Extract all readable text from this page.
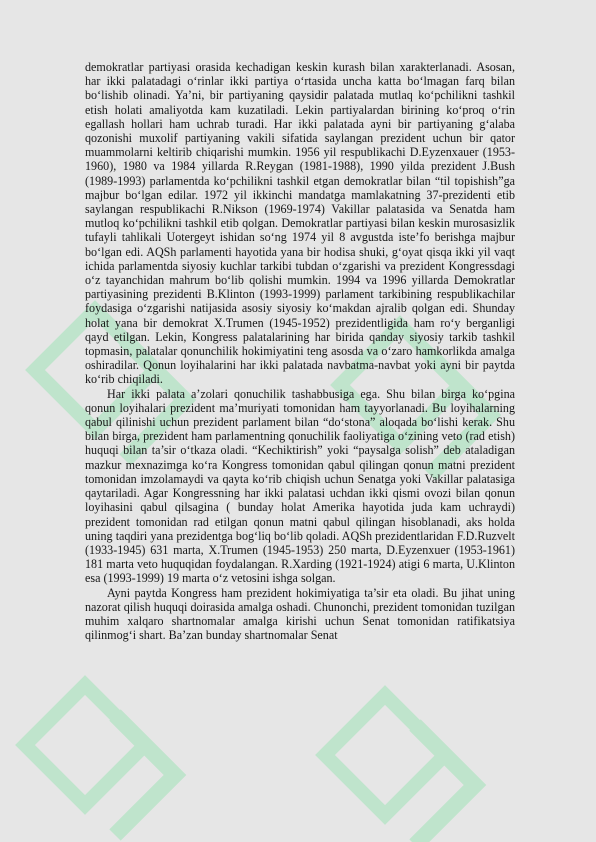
demokratlar partiyasi orasida kechadigan keskin kurash bilan xarakterlanadi. Asosan, har ikki palatadagi o‘rinlar ikki partiya o‘rtasida uncha katta bo‘lmagan farq bilan bo‘lishib olinadi. Ya’ni, bir partiyaning qaysidir palatada mutlaq ko‘pchilikni tashkil etish holati amaliyotda kam kuzatiladi. Lekin partiyalardan birining ko‘proq o‘rin egallash hollari ham uchrab turadi. Har ikki palatada ayni bir partiyaning g‘alaba qozonishi muxolif partiyaning vakili sifatida saylangan prezident uchun bir qator muammolarni keltirib chiqarishi mumkin. 1956 yil respublikachi D.Eyzenxauer (1953-1960), 1980 va 1984 yillarda R.Reygan (1981-1988), 1990 yilda prezident J.Bush (1989-1993) parlamentda ko‘pchilikni tashkil etgan demokratlar bilan “til topishish”ga majbur bo‘lgan edilar. 1972 yil ikkinchi mandatga mamlakatning 37-prezidenti etib saylangan respublikachi R.Nikson (1969-1974) Vakillar palatasida va Senatda ham mutloq ko‘pchilikni tashkil etib qolgan. Demokratlar partiyasi bilan keskin murosasizlik tufayli tahlikali Uotergeyt ishidan so‘ng 1974 yil 8 avgustda iste’fo berishga majbur bo‘lgan edi. AQSh parlamenti hayotida yana bir hodisa shuki, g‘oyat qisqa ikki yil vaqt ichida parlamentda siyosiy kuchlar tarkibi tubdan o‘zgarishi va prezident Kongressdagi o‘z tayanchidan mahrum bo‘lib qolishi mumkin. 1994 va 1996 yillarda Demokratlar partiyasining prezidenti B.Klinton (1993-1999) parlament tarkibining respublikachilar foydasiga o‘zgarishi natijasida asosiy siyosiy ko‘makdan ajralib qolgan edi. Shunday holat yana bir demokrat X.Trumen (1945-1952) prezidentligida ham ro‘y berganligi qayd etilgan. Lekin, Kongress palatalarining har birida qanday siyosiy tarkib tashkil topmasin, palatalar qonunchilik hokimiyatini teng asosda va o‘zaro hamkorlikda amalga oshiradilar. Qonun loyihalarini har ikki palatada navbatma-navbat yoki ayni bir paytda ko‘rib chiqiladi.

Har ikki palata a’zolari qonuchilik tashabbusiga ega. Shu bilan birga ko‘pgina qonun loyihalari prezident ma’muriyati tomonidan ham tayyorlanadi. Bu loyihalarning qabul qilinishi uchun prezident parlament bilan “do‘stona” aloqada bo‘lishi kerak. Shu bilan birga, prezident ham parlamentning qonuchilik faoliyatiga o‘zining veto (rad etish) huquqi bilan ta’sir o‘tkaza oladi. “Kechiktirish” yoki “paysalga solish” deb ataladigan mazkur mexnazimga ko‘ra Kongress tomonidan qabul qilingan qonun matni prezident tomonidan imzolamaydi va qayta ko‘rib chiqish uchun Senatga yoki Vakillar palatasiga qaytariladi. Agar Kongressning har ikki palatasi uchdan ikki qismi ovozi bilan qonun loyihasini qabul qilsagina ( bunday holat Amerika hayotida juda kam uchraydi) prezident tomonidan rad etilgan qonun matni qabul qilingan hisoblanadi, aks holda uning taqdiri yana prezidentga bog‘liq bo‘lib qoladi. AQSh prezidentlaridan F.D.Ruzvelt (1933-1945) 631 marta, X.Trumen (1945-1953) 250 marta, D.Eyzenxuer (1953-1961) 181 marta veto huquqidan foydalangan. R.Xarding (1921-1924) atigi 6 marta, U.Klinton esa (1993-1999) 19 marta o‘z vetosini ishga solgan.

Ayni paytda Kongress ham prezident hokimiyatiga ta’sir eta oladi. Bu jihat uning nazorat qilish huquqi doirasida amalga oshadi. Chunonchi, prezident tomonidan tuzilgan muhim xalqaro shartnomalar amalga kirishi uchun Senat tomonidan ratifikatsiya qilinmog‘i shart. Ba’zan bunday shartnomalar Senat
